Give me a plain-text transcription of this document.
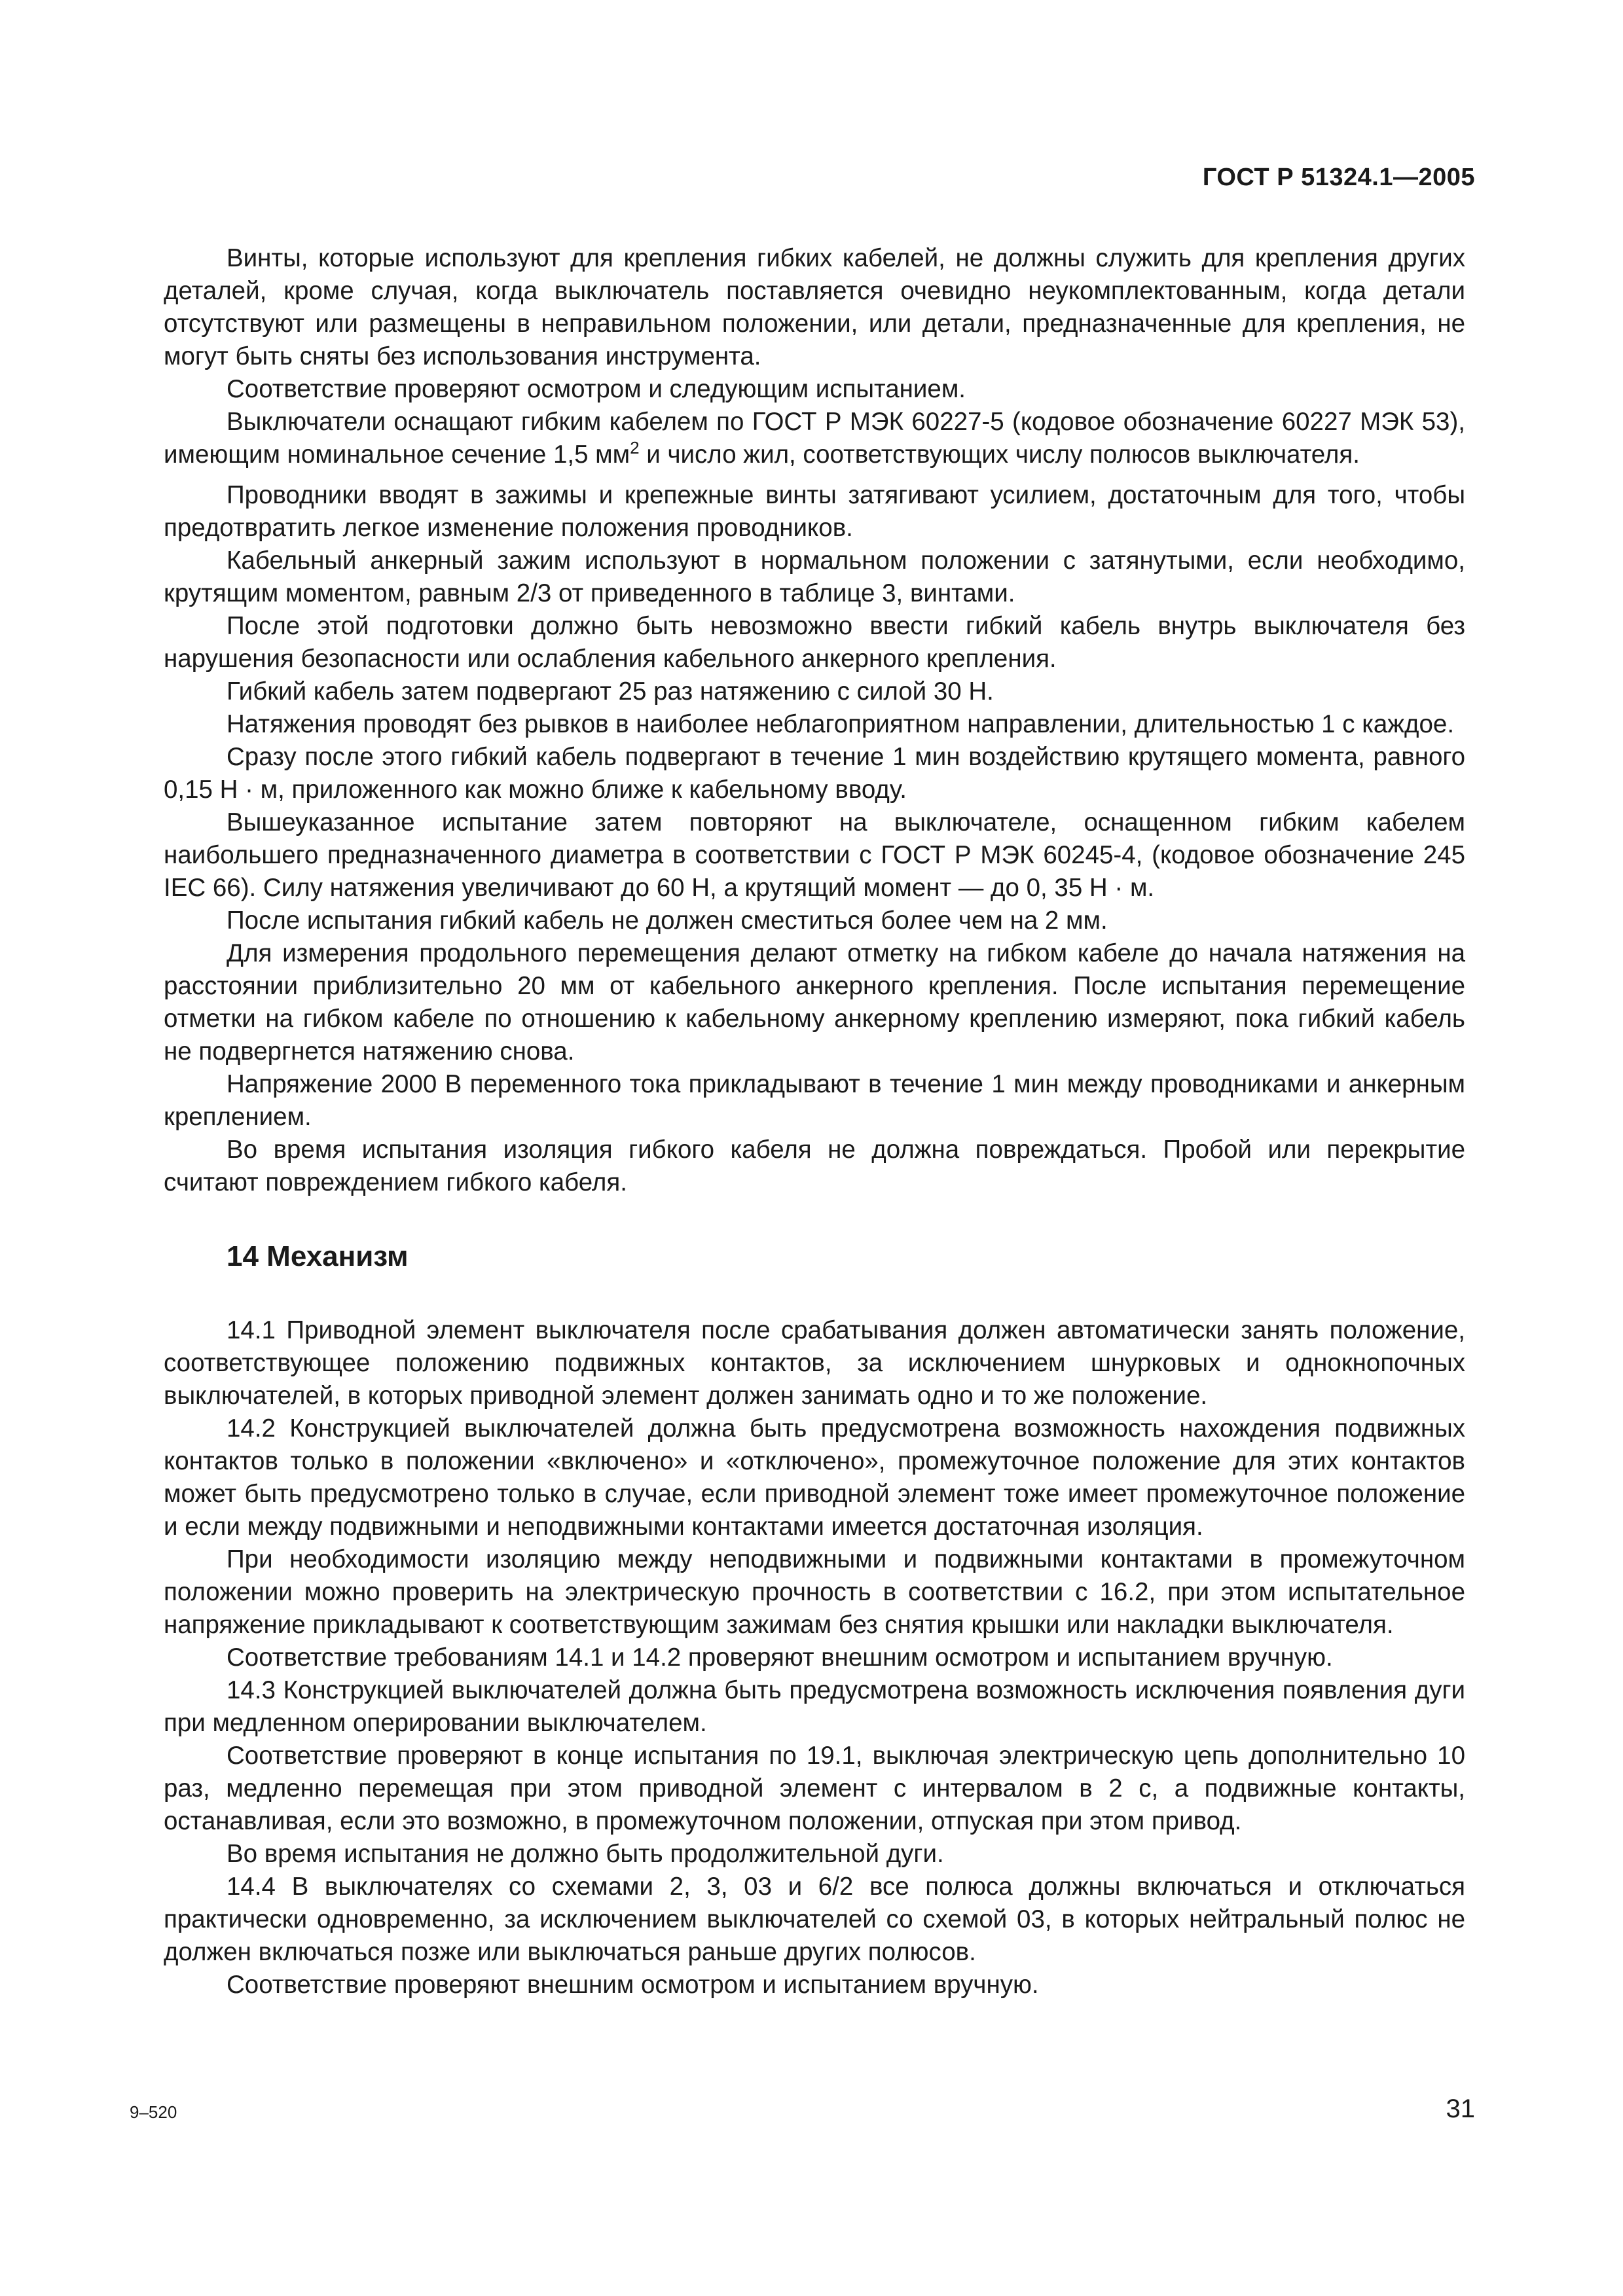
ГОСТ Р 51324.1—2005

Винты, которые используют для крепления гибких кабелей, не должны служить для крепления других деталей, кроме случая, когда выключатель поставляется очевидно неукомплектованным, когда детали отсутствуют или размещены в неправильном положении, или детали, предназначенные для крепления, не могут быть сняты без использования инструмента.

Соответствие проверяют осмотром и следующим испытанием.

Выключатели оснащают гибким кабелем по ГОСТ Р МЭК 60227-5 (кодовое обозначение 60227 МЭК 53), имеющим номинальное сечение 1,5 $мм^2$ и число жил, соответствующих числу полюсов выключателя.

Проводники вводят в зажимы и крепежные винты затягивают усилием, достаточным для того, чтобы предотвратить легкое изменение положения проводников.

Кабельный анкерный зажим используют в нормальном положении с затянутыми, если необходимо, крутящим моментом, равным 2/3 от приведенного в таблице 3, винтами.

После этой подготовки должно быть невозможно ввести гибкий кабель внутрь выключателя без нарушения безопасности или ослабления кабельного анкерного крепления.

Гибкий кабель затем подвергают 25 раз натяжению с силой 30 Н.

Натяжения проводят без рывков в наиболее неблагоприятном направлении, длительностью 1 с каждое.

Сразу после этого гибкий кабель подвергают в течение 1 мин воздействию крутящего момента, равного 0,15 Н · м, приложенного как можно ближе к кабельному вводу.

Вышеуказанное испытание затем повторяют на выключателе, оснащенном гибким кабелем наибольшего предназначенного диаметра в соответствии с ГОСТ Р МЭК 60245-4, (кодовое обозначение 245 IEC 66). Силу натяжения увеличивают до 60 Н, а крутящий момент — до 0, 35 Н · м.

После испытания гибкий кабель не должен сместиться более чем на 2 мм.

Для измерения продольного перемещения делают отметку на гибком кабеле до начала натяжения на расстоянии приблизительно 20 мм от кабельного анкерного крепления. После испытания перемещение отметки на гибком кабеле по отношению к кабельному анкерному креплению измеряют, пока гибкий кабель не подвергнется натяжению снова.

Напряжение 2000 В переменного тока прикладывают в течение 1 мин между проводниками и анкерным креплением.

Во время испытания изоляция гибкого кабеля не должна повреждаться. Пробой или перекрытие считают повреждением гибкого кабеля.

14 Механизм

14.1 Приводной элемент выключателя после срабатывания должен автоматически занять положение, соответствующее положению подвижных контактов, за исключением шнурковых и однокнопочных выключателей, в которых приводной элемент должен занимать одно и то же положение.

14.2 Конструкцией выключателей должна быть предусмотрена возможность нахождения подвижных контактов только в положении «включено» и «отключено», промежуточное положение для этих контактов может быть предусмотрено только в случае, если приводной элемент тоже имеет промежуточное положение и если между подвижными и неподвижными контактами имеется достаточная изоляция.

При необходимости изоляцию между неподвижными и подвижными контактами в промежуточном положении можно проверить на электрическую прочность в соответствии с 16.2, при этом испытательное напряжение прикладывают к соответствующим зажимам без снятия крышки или накладки выключателя.

Соответствие требованиям 14.1 и 14.2 проверяют внешним осмотром и испытанием вручную.

14.3 Конструкцией выключателей должна быть предусмотрена возможность исключения появления дуги при медленном оперировании выключателем.

Соответствие проверяют в конце испытания по 19.1, выключая электрическую цепь дополнительно 10 раз, медленно перемещая при этом приводной элемент с интервалом в 2 с, а подвижные контакты, останавливая, если это возможно, в промежуточном положении, отпуская при этом привод.

Во время испытания не должно быть продолжительной дуги.

14.4 В выключателях со схемами 2, 3, 03 и 6/2 все полюса должны включаться и отключаться практически одновременно, за исключением выключателей со схемой 03, в которых нейтральный полюс не должен включаться позже или выключаться раньше других полюсов.

Соответствие проверяют внешним осмотром и испытанием вручную.

9–520	31
